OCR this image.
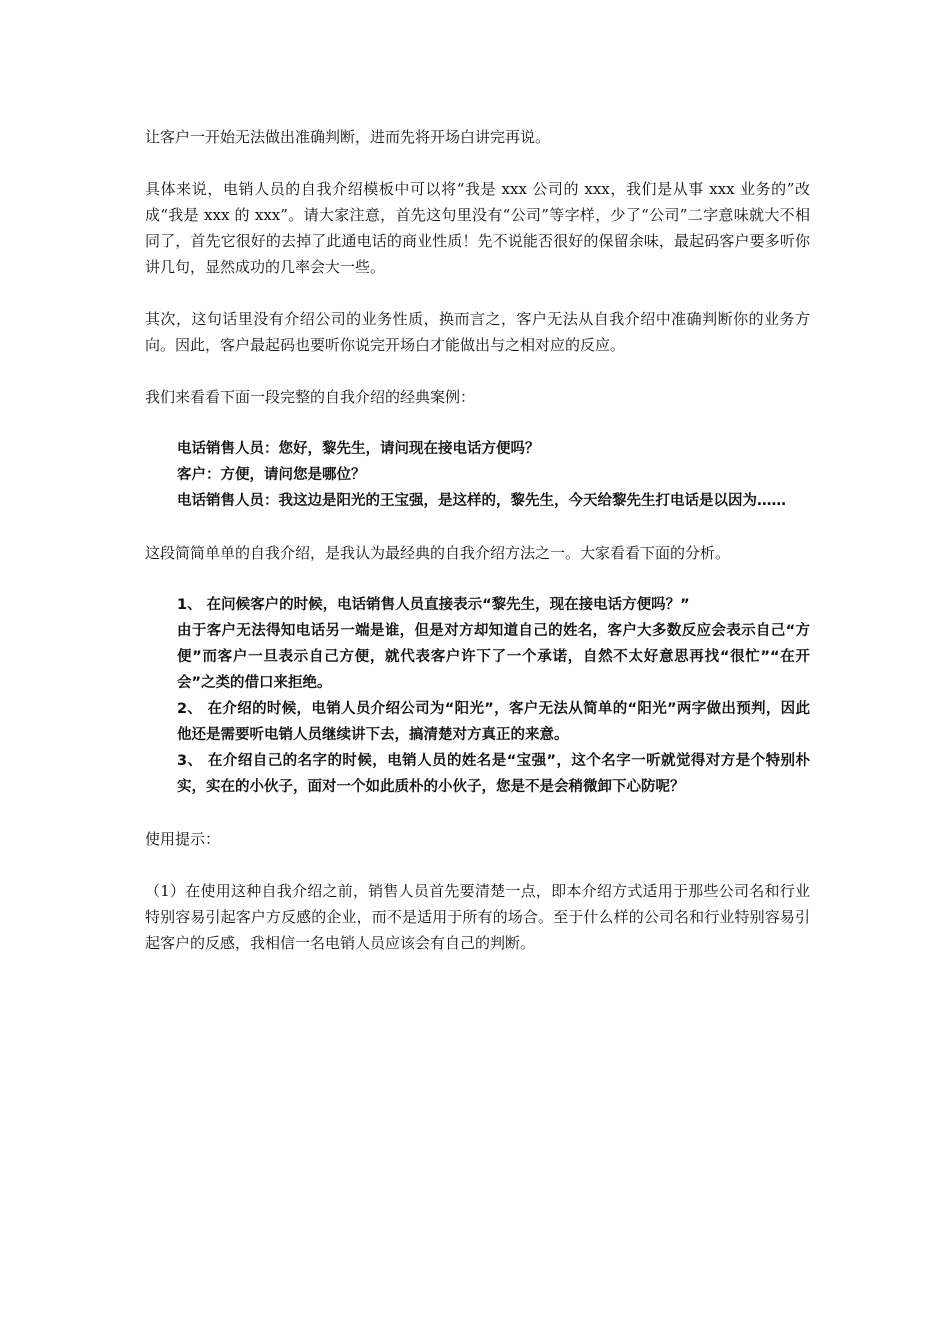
让客户一开始无法做出准确判断，进而先将开场白讲完再说。

具体来说，电销人员的自我介绍模板中可以将“我是 xxx 公司的 xxx，我们是从事 xxx 业务的”改成“我是 xxx 的 xxx”。请大家注意，首先这句里没有“公司”等字样，少了“公司”二字意味就大不相同了，首先它很好的去掉了此通电话的商业性质！先不说能否很好的保留余味，最起码客户要多听你讲几句，显然成功的几率会大一些。

其次，这句话里没有介绍公司的业务性质，换而言之，客户无法从自我介绍中准确判断你的业务方向。因此，客户最起码也要听你说完开场白才能做出与之相对应的反应。

我们来看看下面一段完整的自我介绍的经典案例：

电话销售人员：您好，黎先生，请问现在接电话方便吗？
客户：方便，请问您是哪位？
电话销售人员：我这边是阳光的王宝强，是这样的，黎先生，今天给黎先生打电话是以因为……

这段简简单单的自我介绍，是我认为最经典的自我介绍方法之一。大家看看下面的分析。

1、 在问候客户的时候，电话销售人员直接表示“黎先生，现在接电话方便吗？”
由于客户无法得知电话另一端是谁，但是对方却知道自己的姓名，客户大多数反应会表示自己“方便”而客户一旦表示自己方便，就代表客户许下了一个承诺，自然不太好意思再找“很忙”“在开会”之类的借口来拒绝。
2、 在介绍的时候，电销人员介绍公司为“阳光”，客户无法从简单的“阳光”两字做出预判，因此他还是需要听电销人员继续讲下去，搞清楚对方真正的来意。
3、 在介绍自己的名字的时候，电销人员的姓名是“宝强”，这个名字一听就觉得对方是个特别朴实，实在的小伙子，面对一个如此质朴的小伙子，您是不是会稍微卸下心防呢？

使用提示：

（1）在使用这种自我介绍之前，销售人员首先要清楚一点，即本介绍方式适用于那些公司名和行业特别容易引起客户方反感的企业，而不是适用于所有的场合。至于什么样的公司名和行业特别容易引起客户的反感，我相信一名电销人员应该会有自己的判断。
